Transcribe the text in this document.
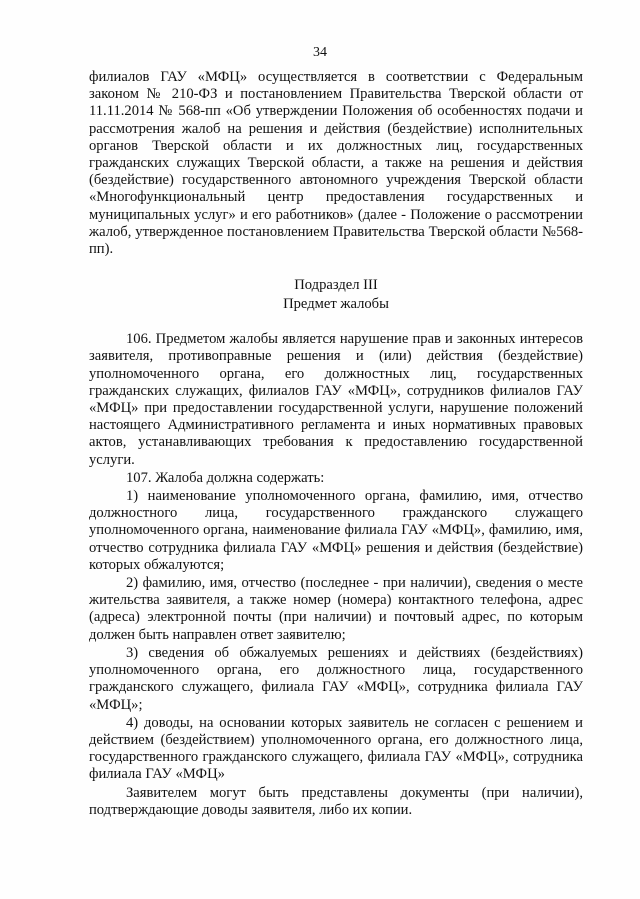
34

филиалов ГАУ «МФЦ» осуществляется в соответствии с Федеральным законом № 210-ФЗ и постановлением Правительства Тверской области от 11.11.2014 № 568-пп «Об утверждении Положения об особенностях подачи и рассмотрения жалоб на решения и действия (бездействие) исполнительных органов Тверской области и их должностных лиц, государственных гражданских служащих Тверской области, а также на решения и действия (бездействие) государственного автономного учреждения Тверской области «Многофункциональный центр предоставления государственных и муниципальных услуг» и его работников» (далее - Положение о рассмотрении жалоб, утвержденное постановлением Правительства Тверской области №568-пп).

Подраздел III

Предмет жалобы

106. Предметом жалобы является нарушение прав и законных интересов заявителя, противоправные решения и (или) действия (бездействие) уполномоченного органа, его должностных лиц, государственных гражданских служащих, филиалов ГАУ «МФЦ», сотрудников филиалов ГАУ «МФЦ» при предоставлении государственной услуги, нарушение положений настоящего Административного регламента и иных нормативных правовых актов, устанавливающих требования к предоставлению государственной услуги.

107. Жалоба должна содержать:

1) наименование уполномоченного органа, фамилию, имя, отчество должностного лица, государственного гражданского служащего уполномоченного органа, наименование филиала ГАУ «МФЦ», фамилию, имя, отчество сотрудника филиала ГАУ «МФЦ» решения и действия (бездействие) которых обжалуются;

2) фамилию, имя, отчество (последнее - при наличии), сведения о месте жительства заявителя, а также номер (номера) контактного телефона, адрес (адреса) электронной почты (при наличии) и почтовый адрес, по которым должен быть направлен ответ заявителю;

3) сведения об обжалуемых решениях и действиях (бездействиях) уполномоченного органа, его должностного лица, государственного гражданского служащего, филиала ГАУ «МФЦ», сотрудника филиала ГАУ «МФЦ»;

4) доводы, на основании которых заявитель не согласен с решением и действием (бездействием) уполномоченного органа, его должностного лица, государственного гражданского служащего, филиала ГАУ «МФЦ», сотрудника филиала ГАУ «МФЦ»

Заявителем могут быть представлены документы (при наличии), подтверждающие доводы заявителя, либо их копии.
